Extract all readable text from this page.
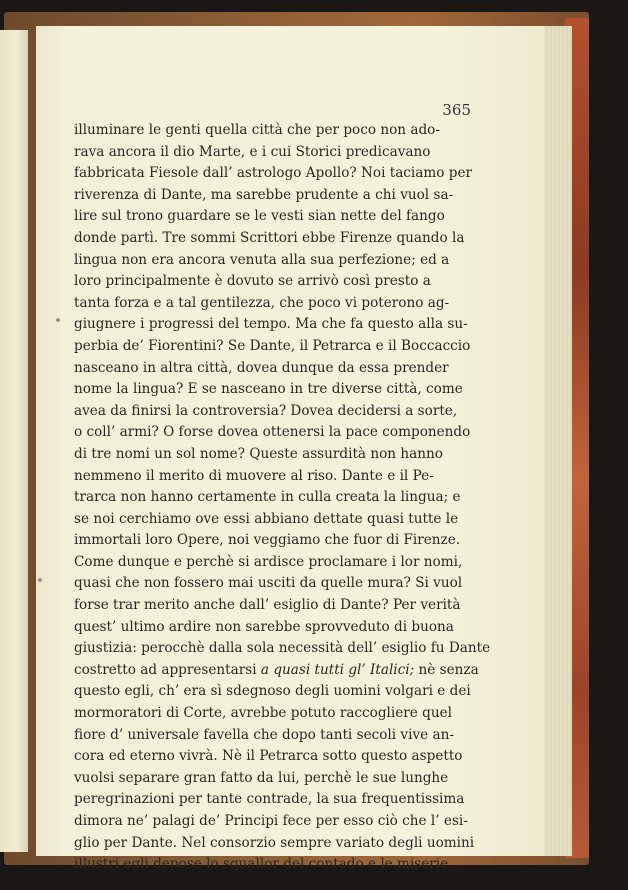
365
illuminare le genti quella città che per poco non ado-
rava ancora il dio Marte, e i cui Storici predicavano
fabbricata Fiesole dall’ astrologo Apollo? Noi taciamo per
riverenza di Dante, ma sarebbe prudente a chi vuol sa-
lire sul trono guardare se le vesti sian nette del fango
donde partì. Tre sommi Scrittori ebbe Firenze quando la
lingua non era ancora venuta alla sua perfezione; ed a
loro principalmente è dovuto se arrivò così presto a
tanta forza e a tal gentilezza, che poco vi poterono ag-
giugnere i progressi del tempo. Ma che fa questo alla su-
perbia de’ Fiorentini? Se Dante, il Petrarca e il Boccaccio
nasceano in altra città, dovea dunque da essa prender
nome la lingua? E se nasceano in tre diverse città, come
avea da finirsi la controversia? Dovea decidersi a sorte,
o coll’ armi? O forse dovea ottenersi la pace componendo
di tre nomi un sol nome? Queste assurdità non hanno
nemmeno il merito di muovere al riso. Dante e il Pe-
trarca non hanno certamente in culla creata la lingua; e
se noi cerchiamo ove essi abbiano dettate quasi tutte le
immortali loro Opere, noi veggiamo che fuor di Firenze.
Come dunque e perchè si ardisce proclamare i lor nomi,
quasi che non fossero mai usciti da quelle mura? Si vuol
forse trar merito anche dall’ esiglio di Dante? Per verità
quest’ ultimo ardire non sarebbe sprovveduto di buona
giustizia: perocchè dalla sola necessità dell’ esiglio fu Dante
costretto ad appresentarsi a quasi tutti gl’ Italici; nè senza
questo egli, ch’ era sì sdegnoso degli uomini volgari e dei
mormoratori di Corte, avrebbe potuto raccogliere quel
fiore d’ universale favella che dopo tanti secoli vive an-
cora ed eterno vivrà. Nè il Petrarca sotto questo aspetto
vuolsi separare gran fatto da lui, perchè le sue lunghe
peregrinazioni per tante contrade, la sua frequentissima
dimora ne’ palagi de’ Principi fece per esso ciò che l’ esi-
glio per Dante. Nel consorzio sempre variato degli uomini
illustri egli depose lo squallor del contado e le miserie
